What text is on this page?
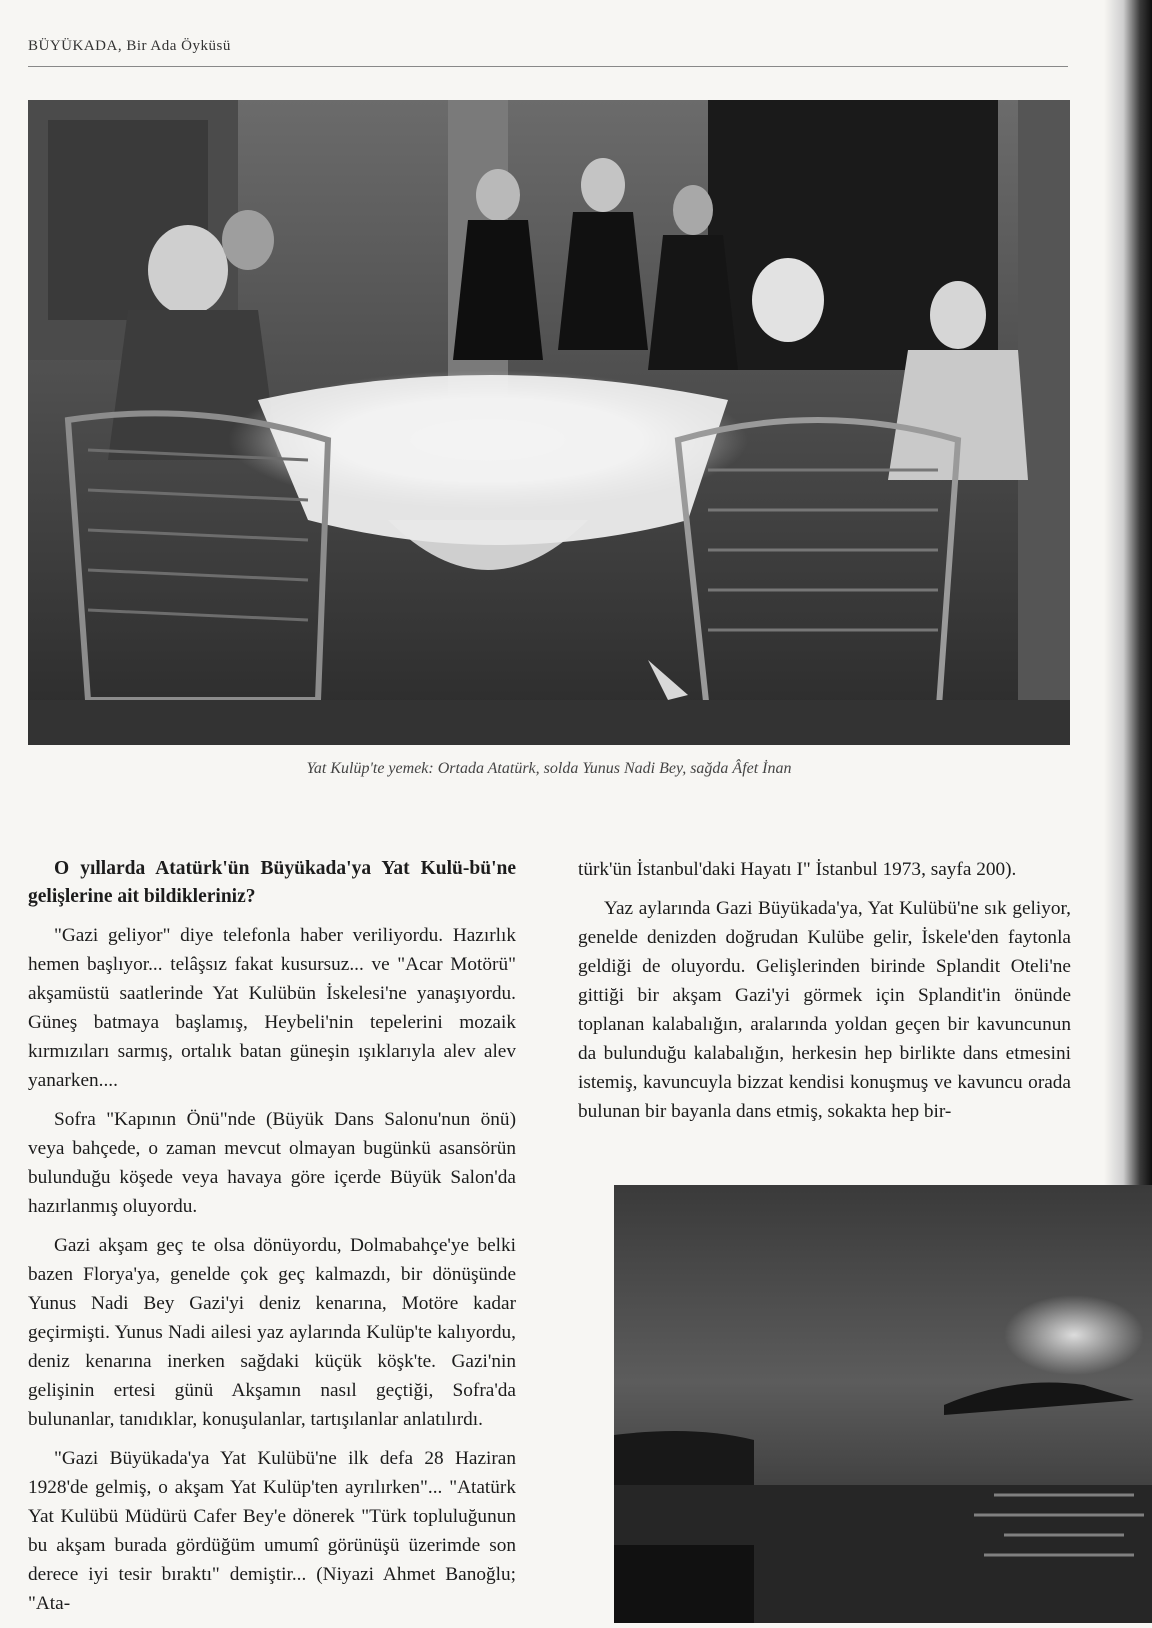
BÜYÜKADA, Bir Ada Öyküsü
Yat Kulüp'te yemek: Ortada Atatürk, solda Yunus Nadi Bey, sağda Âfet İnan

O yıllarda Atatürk'ün Büyükada'ya Yat Kulü-bü'ne gelişlerine ait bildikleriniz?

"Gazi geliyor" diye telefonla haber veriliyordu. Hazırlık hemen başlıyor... telâşsız fakat kusursuz... ve "Acar Motörü" akşamüstü saatlerinde Yat Kulübün İskelesi'ne yanaşıyordu. Güneş batmaya başlamış, Heybeli'nin tepelerini mozaik kırmızıları sarmış, ortalık batan güneşin ışıklarıyla alev alev yanarken....

Sofra "Kapının Önü"nde (Büyük Dans Salonu'nun önü) veya bahçede, o zaman mevcut olmayan bugünkü asansörün bulunduğu köşede veya havaya göre içerde Büyük Salon'da hazırlanmış oluyordu.

Gazi akşam geç te olsa dönüyordu, Dolmabahçe'ye belki bazen Florya'ya, genelde çok geç kalmazdı, bir dönüşünde Yunus Nadi Bey Gazi'yi deniz kenarına, Motöre kadar geçirmişti. Yunus Nadi ailesi yaz aylarında Kulüp'te kalıyordu, deniz kenarına inerken sağdaki küçük köşk'te. Gazi'nin gelişinin ertesi günü Akşamın nasıl geçtiği, Sofra'da bulunanlar, tanıdıklar, konuşulanlar, tartışılanlar anlatılırdı.

"Gazi Büyükada'ya Yat Kulübü'ne ilk defa 28 Haziran 1928'de gelmiş, o akşam Yat Kulüp'ten ayrılırken"... "Atatürk Yat Kulübü Müdürü Cafer Bey'e dönerek "Türk topluluğunun bu akşam burada gördüğüm umumî görünüşü üzerimde son derece iyi tesir bıraktı" demiştir... (Niyazi Ahmet Banoğlu; "Ata-

türk'ün İstanbul'daki Hayatı I" İstanbul 1973, sayfa 200).

Yaz aylarında Gazi Büyükada'ya, Yat Kulübü'ne sık geliyor, genelde denizden doğrudan Kulübe gelir, İskele'den faytonla geldiği de oluyordu. Gelişlerinden birinde Splandit Oteli'ne gittiği bir akşam Gazi'yi görmek için Splandit'in önünde toplanan kalabalığın, aralarında yoldan geçen bir kavuncunun da bulunduğu kalabalığın, herkesin hep birlikte dans etmesini istemiş, kavuncuyla bizzat kendisi konuşmuş ve kavuncu orada bulunan bir bayanla dans etmiş, sokakta hep bir-
